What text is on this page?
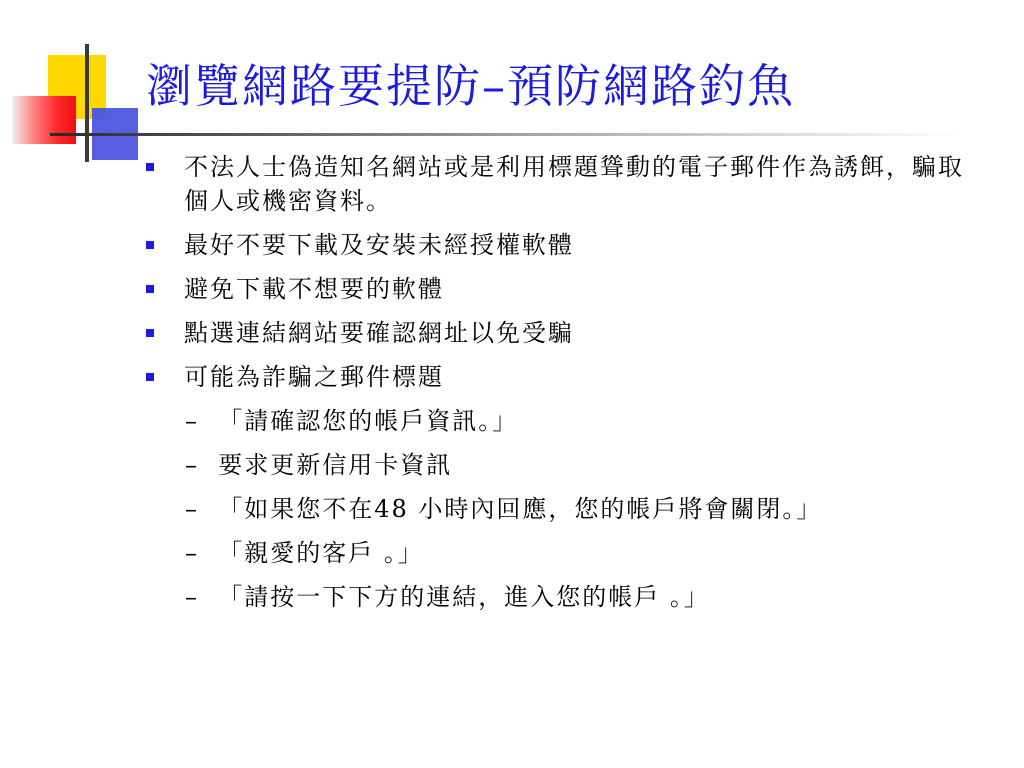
瀏覽網路要提防–預防網路釣魚
不法人士偽造知名網站或是利用標題聳動的電子郵件作為誘餌，騙取個人或機密資料。
最好不要下載及安裝未經授權軟體
避免下載不想要的軟體
點選連結網站要確認網址以免受騙
可能為詐騙之郵件標題
–  「請確認您的帳戶資訊。」
–  要求更新信用卡資訊
–  「如果您不在48 小時內回應，您的帳戶將會關閉。」
–  「親愛的客戶 。」
–  「請按一下下方的連結，進入您的帳戶 。」
